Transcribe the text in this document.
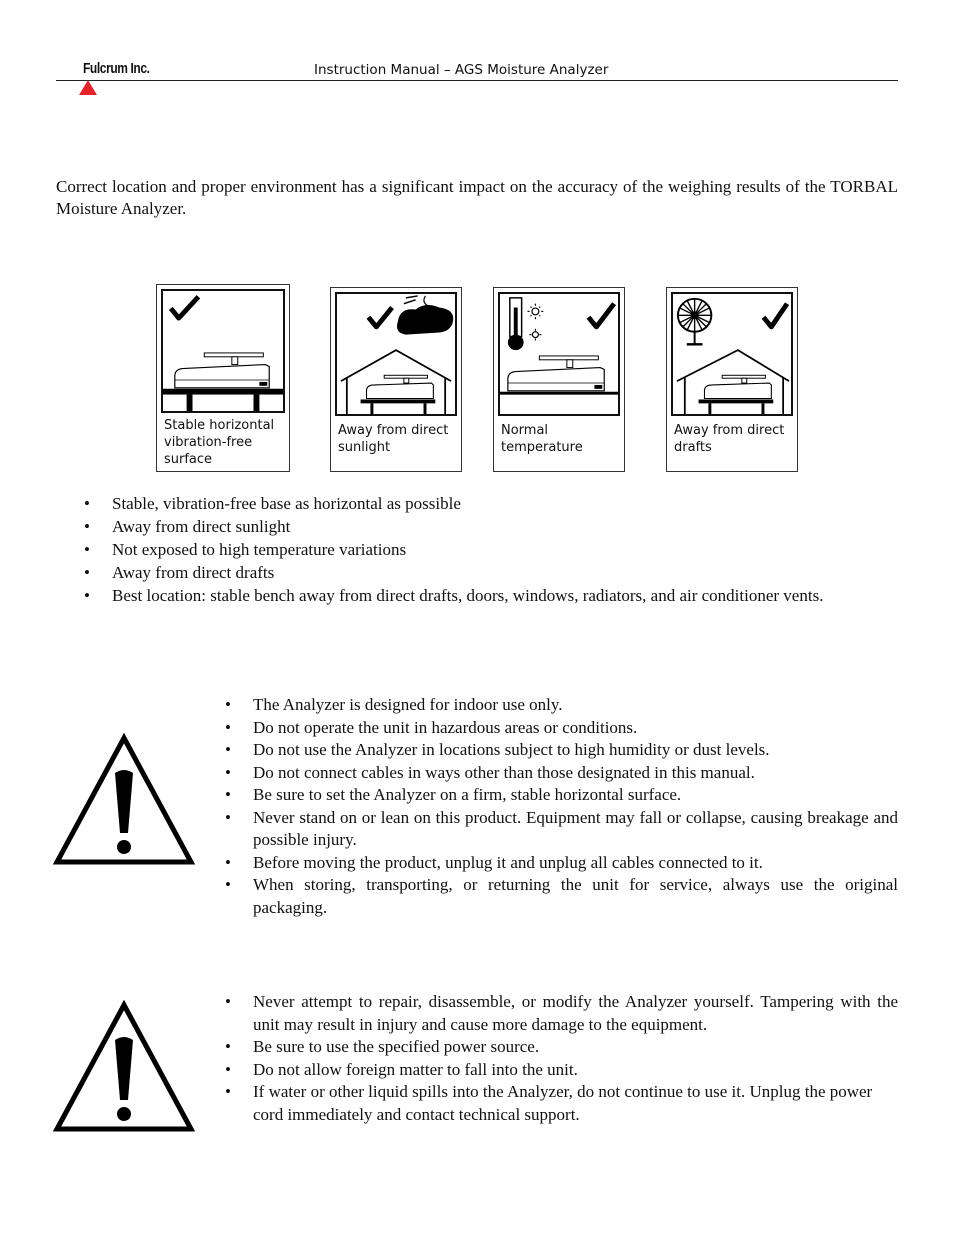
Fulcrum Inc.	Instruction Manual – AGS Moisture Analyzer

Correct location and proper environment has a significant impact on the accuracy of the weighing results of the TORBAL Moisture Analyzer.

Stable horizontal
vibration-free
surface
Away from direct
sunlight
Normal
temperature
Away from direct
drafts
• Stable, vibration-free base as horizontal as possible
• Away from direct sunlight
• Not exposed to high temperature variations
• Away from direct drafts
• Best location: stable bench away from direct drafts, doors, windows, radiators, and air conditioner vents.
• The Analyzer is designed for indoor use only.
• Do not operate the unit in hazardous areas or conditions.
• Do not use the Analyzer in locations subject to high humidity or dust levels.
• Do not connect cables in ways other than those designated in this manual.
• Be sure to set the Analyzer on a firm, stable horizontal surface.
• Never stand on or lean on this product. Equipment may fall or collapse, causing breakage and possible injury.
• Before moving the product, unplug it and unplug all cables connected to it.
• When storing, transporting, or returning the unit for service, always use the original packaging.
• Never attempt to repair, disassemble, or modify the Analyzer yourself. Tampering with the unit may result in injury and cause more damage to the equipment.
• Be sure to use the specified power source.
• Do not allow foreign matter to fall into the unit.
• If water or other liquid spills into the Analyzer, do not continue to use it. Unplug the power cord immediately and contact technical support.
